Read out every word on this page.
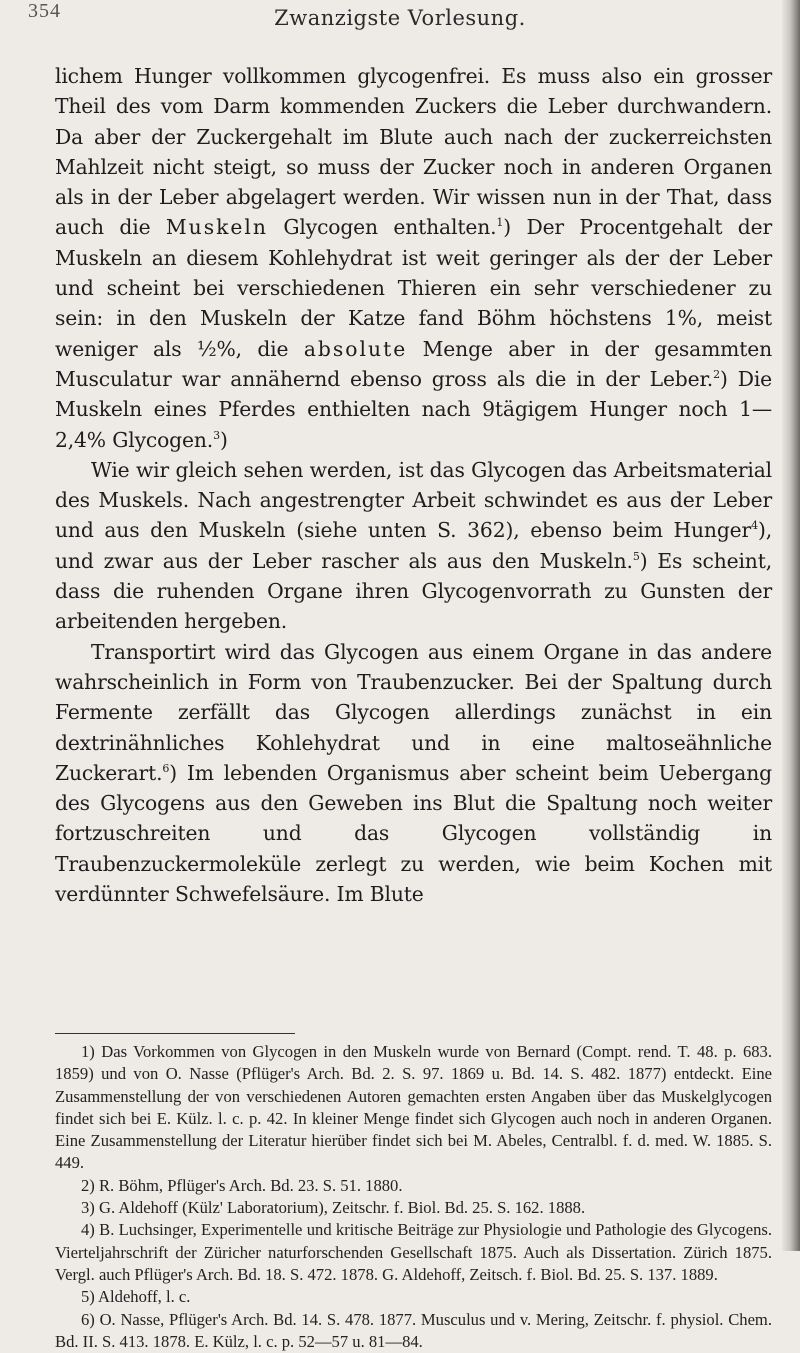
354	Zwanzigste Vorlesung.

lichem Hunger vollkommen glycogenfrei. Es muss also ein grosser Theil des vom Darm kommenden Zuckers die Leber durchwandern. Da aber der Zuckergehalt im Blute auch nach der zuckerreichsten Mahlzeit nicht steigt, so muss der Zucker noch in anderen Organen als in der Leber abgelagert werden. Wir wissen nun in der That, dass auch die Muskeln Glycogen enthalten.$^1$) Der Procentgehalt der Muskeln an diesem Kohlehydrat ist weit geringer als der der Leber und scheint bei verschiedenen Thieren ein sehr verschiedener zu sein: in den Muskeln der Katze fand Böhm höchstens 1%, meist weniger als ½%, die absolute Menge aber in der gesammten Musculatur war annähernd ebenso gross als die in der Leber.$^2$) Die Muskeln eines Pferdes enthielten nach 9tägigem Hunger noch 1—2,4% Glycogen.$^3$)

Wie wir gleich sehen werden, ist das Glycogen das Arbeitsmaterial des Muskels. Nach angestrengter Arbeit schwindet es aus der Leber und aus den Muskeln (siehe unten S. 362), ebenso beim Hunger$^4$), und zwar aus der Leber rascher als aus den Muskeln.$^5$) Es scheint, dass die ruhenden Organe ihren Glycogenvorrath zu Gunsten der arbeitenden hergeben.

Transportirt wird das Glycogen aus einem Organe in das andere wahrscheinlich in Form von Traubenzucker. Bei der Spaltung durch Fermente zerfällt das Glycogen allerdings zunächst in ein dextrinähnliches Kohlehydrat und in eine maltoseähnliche Zuckerart.$^6$) Im lebenden Organismus aber scheint beim Uebergang des Glycogens aus den Geweben ins Blut die Spaltung noch weiter fortzuschreiten und das Glycogen vollständig in Traubenzuckermoleküle zerlegt zu werden, wie beim Kochen mit verdünnter Schwefelsäure. Im Blute

1) Das Vorkommen von Glycogen in den Muskeln wurde von Bernard (Compt. rend. T. 48. p. 683. 1859) und von O. Nasse (Pflüger's Arch. Bd. 2. S. 97. 1869 u. Bd. 14. S. 482. 1877) entdeckt. Eine Zusammenstellung der von verschiedenen Autoren gemachten ersten Angaben über das Muskelglycogen findet sich bei E. Külz. l. c. p. 42. In kleiner Menge findet sich Glycogen auch noch in anderen Organen. Eine Zusammenstellung der Literatur hierüber findet sich bei M. Abeles, Centralbl. f. d. med. W. 1885. S. 449.
2) R. Böhm, Pflüger's Arch. Bd. 23. S. 51. 1880.
3) G. Aldehoff (Külz' Laboratorium), Zeitschr. f. Biol. Bd. 25. S. 162. 1888.
4) B. Luchsinger, Experimentelle und kritische Beiträge zur Physiologie und Pathologie des Glycogens. Vierteljahrschrift der Züricher naturforschenden Gesellschaft 1875. Auch als Dissertation. Zürich 1875. Vergl. auch Pflüger's Arch. Bd. 18. S. 472. 1878. G. Aldehoff, Zeitsch. f. Biol. Bd. 25. S. 137. 1889.
5) Aldehoff, l. c.
6) O. Nasse, Pflüger's Arch. Bd. 14. S. 478. 1877. Musculus und v. Mering, Zeitschr. f. physiol. Chem. Bd. II. S. 413. 1878. E. Külz, l. c. p. 52—57 u. 81—84.
